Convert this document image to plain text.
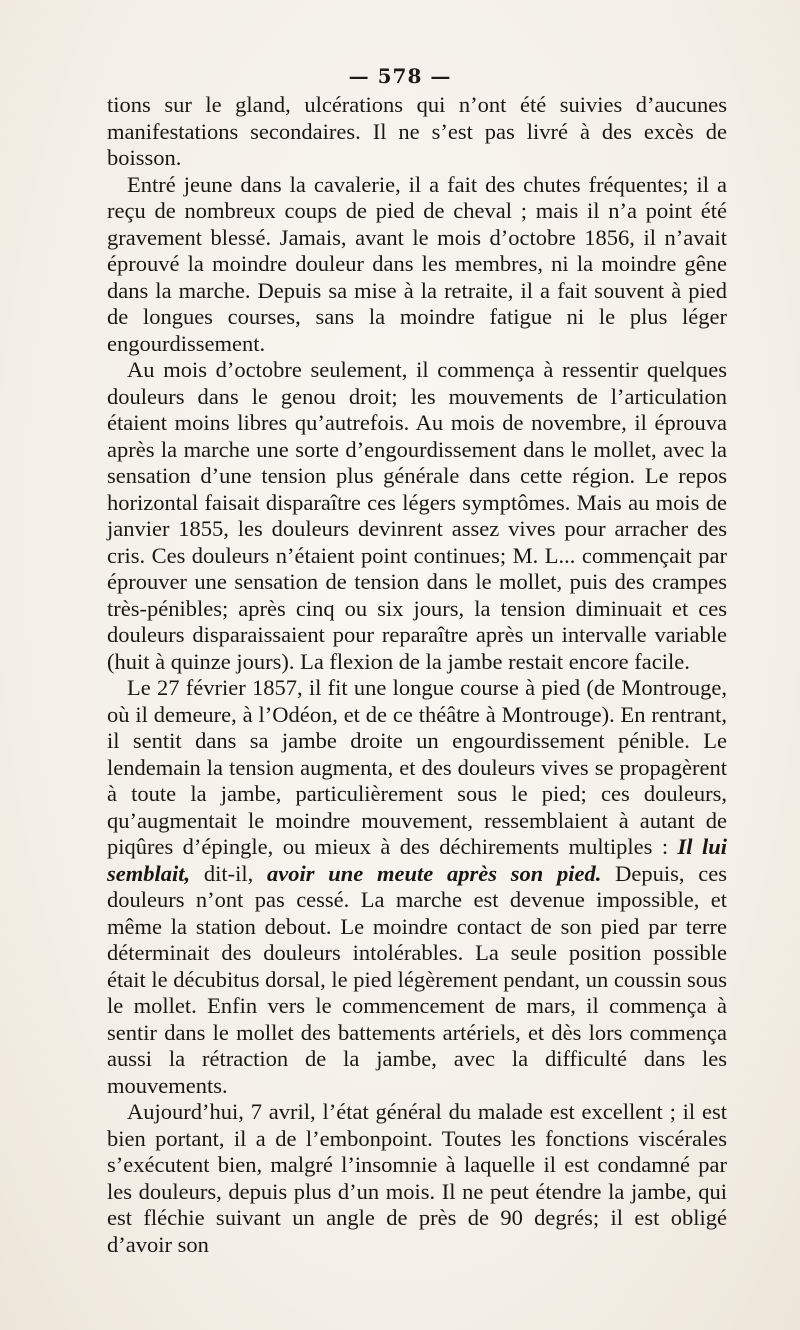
— 578 —

tions sur le gland, ulcérations qui n’ont été suivies d’aucunes manifestations secondaires. Il ne s’est pas livré à des excès de boisson.

Entré jeune dans la cavalerie, il a fait des chutes fréquentes; il a reçu de nombreux coups de pied de cheval ; mais il n’a point été gravement blessé. Jamais, avant le mois d’octobre 1856, il n’avait éprouvé la moindre douleur dans les membres, ni la moindre gêne dans la marche. Depuis sa mise à la retraite, il a fait souvent à pied de longues courses, sans la moindre fatigue ni le plus léger engourdissement.

Au mois d’octobre seulement, il commença à ressentir quelques douleurs dans le genou droit; les mouvements de l’articulation étaient moins libres qu’autrefois. Au mois de novembre, il éprouva après la marche une sorte d’engourdissement dans le mollet, avec la sensation d’une tension plus générale dans cette région. Le repos horizontal faisait disparaître ces légers symptômes. Mais au mois de janvier 1855, les douleurs devinrent assez vives pour arracher des cris. Ces douleurs n’étaient point continues; M. L... commençait par éprouver une sensation de tension dans le mollet, puis des crampes très-pénibles; après cinq ou six jours, la tension diminuait et ces douleurs disparaissaient pour reparaître après un intervalle variable (huit à quinze jours). La flexion de la jambe restait encore facile.

Le 27 février 1857, il fit une longue course à pied (de Montrouge, où il demeure, à l’Odéon, et de ce théâtre à Montrouge). En rentrant, il sentit dans sa jambe droite un engourdissement pénible. Le lendemain la tension augmenta, et des douleurs vives se propagèrent à toute la jambe, particulièrement sous le pied; ces douleurs, qu’augmentait le moindre mouvement, ressemblaient à autant de piqûres d’épingle, ou mieux à des déchirements multiples : Il lui semblait, dit-il, avoir une meute après son pied. Depuis, ces douleurs n’ont pas cessé. La marche est devenue impossible, et même la station debout. Le moindre contact de son pied par terre déterminait des douleurs intolérables. La seule position possible était le décubitus dorsal, le pied légèrement pendant, un coussin sous le mollet. Enfin vers le commencement de mars, il commença à sentir dans le mollet des battements artériels, et dès lors commença aussi la rétraction de la jambe, avec la difficulté dans les mouvements.

Aujourd’hui, 7 avril, l’état général du malade est excellent ; il est bien portant, il a de l’embonpoint. Toutes les fonctions viscérales s’exécutent bien, malgré l’insomnie à laquelle il est condamné par les douleurs, depuis plus d’un mois. Il ne peut étendre la jambe, qui est fléchie suivant un angle de près de 90 degrés; il est obligé d’avoir son
